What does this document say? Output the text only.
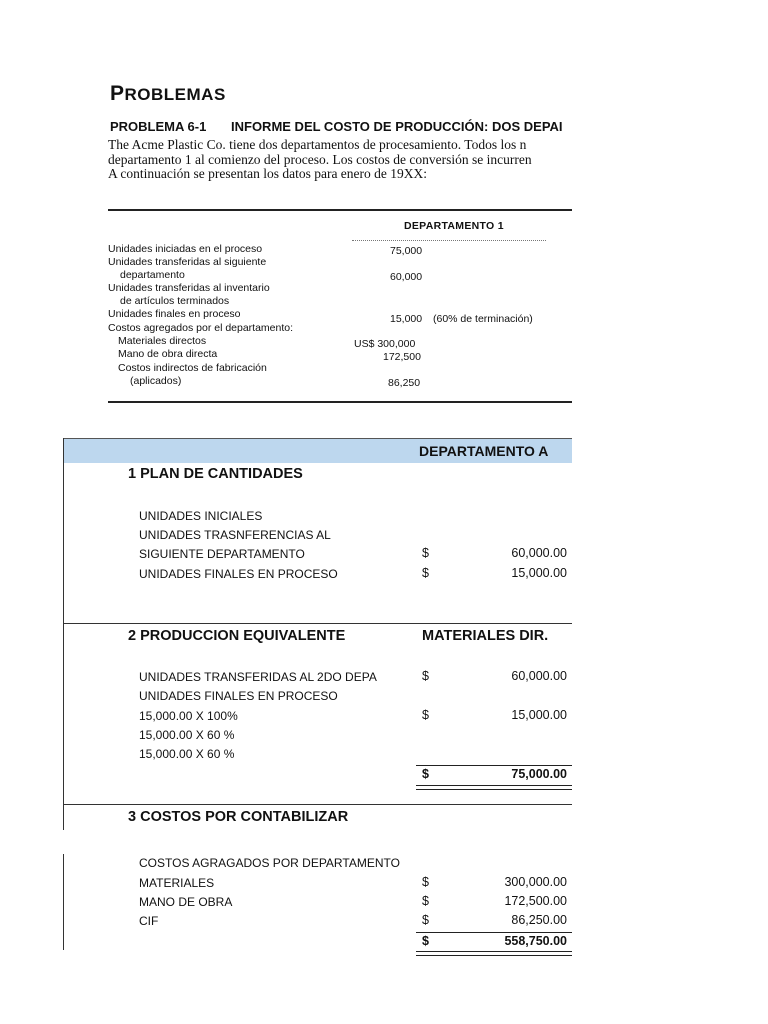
PROBLEMAS
PROBLEMA 6-1 INFORME DEL COSTO DE PRODUCCIÓN: DOS DEPAI
The Acme Plastic Co. tiene dos departamentos de procesamiento. Todos los n
departamento 1 al comienzo del proceso. Los costos de conversión se incurren
A continuación se presentan los datos para enero de 19XX:
DEPARTAMENTO 1
Unidades iniciadas en el proceso	75,000
Unidades transferidas al siguiente
departamento	60,000
Unidades transferidas al inventario
de artículos terminados
Unidades finales en proceso	15,000 (60% de terminación)
Costos agregados por el departamento:
Materiales directos	US$ 300,000
Mano de obra directa	172,500
Costos indirectos de fabricación
(aplicados)	86,250
DEPARTAMENTO A
1 PLAN DE CANTIDADES
UNIDADES INICIALES
UNIDADES TRASNFERENCIAS AL
SIGUIENTE DEPARTAMENTO	$	60,000.00
UNIDADES FINALES EN PROCESO	$	15,000.00
2 PRODUCCION EQUIVALENTE	MATERIALES DIR.
UNIDADES TRANSFERIDAS AL 2DO DEPA	$	60,000.00
UNIDADES FINALES EN PROCESO
15,000.00 X 100%	$	15,000.00
15,000.00 X 60 %
15,000.00 X 60 %
$	75,000.00
3 COSTOS POR CONTABILIZAR
COSTOS AGRAGADOS POR DEPARTAMENTO
MATERIALES	$	300,000.00
MANO DE OBRA	$	172,500.00
CIF	$	86,250.00
$	558,750.00
